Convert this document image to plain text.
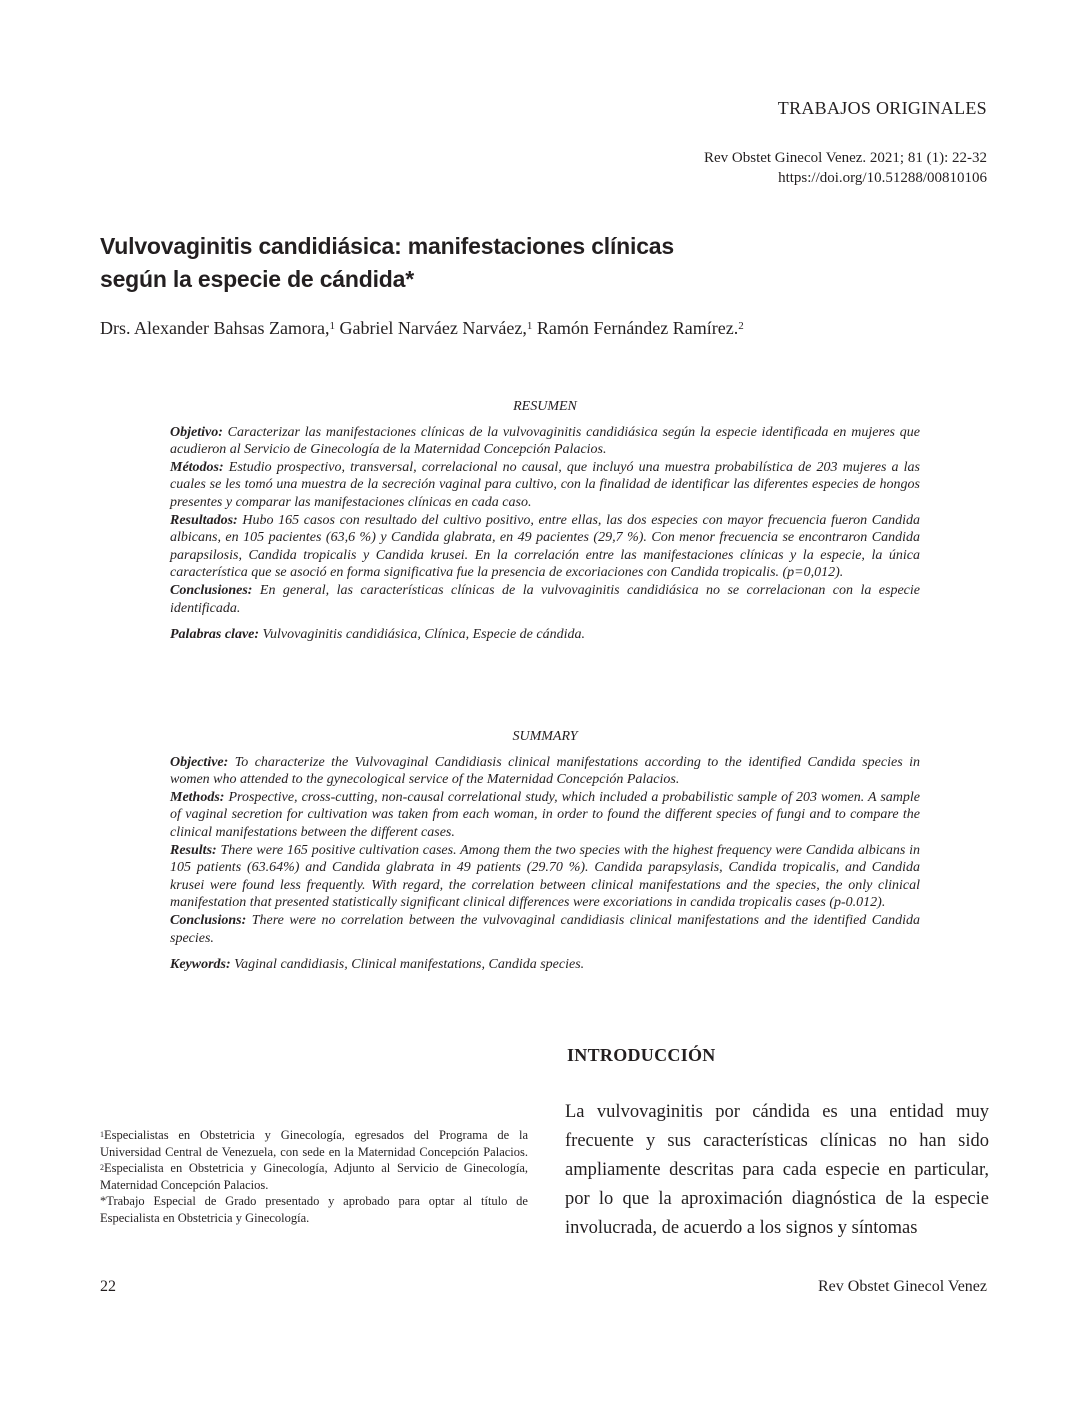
TRABAJOS ORIGINALES
Rev Obstet Ginecol Venez. 2021; 81 (1): 22-32
https://doi.org/10.51288/00810106
Vulvovaginitis candidiásica: manifestaciones clínicas
según la especie de cándida*
Drs. Alexander Bahsas Zamora,$^1$ Gabriel Narváez Narváez,$^1$ Ramón Fernández Ramírez.$^2$
RESUMEN

Objetivo: Caracterizar las manifestaciones clínicas de la vulvovaginitis candidiásica según la especie identificada en mujeres que acudieron al Servicio de Ginecología de la Maternidad Concepción Palacios.

Métodos: Estudio prospectivo, transversal, correlacional no causal, que incluyó una muestra probabilística de 203 mujeres a las cuales se les tomó una muestra de la secreción vaginal para cultivo, con la finalidad de identificar las diferentes especies de hongos presentes y comparar las manifestaciones clínicas en cada caso.

Resultados: Hubo 165 casos con resultado del cultivo positivo, entre ellas, las dos especies con mayor frecuencia fueron Candida albicans, en 105 pacientes (63,6 %) y Candida glabrata, en 49 pacientes (29,7 %). Con menor frecuencia se encontraron Candida parapsilosis, Candida tropicalis y Candida krusei. En la correlación entre las manifestaciones clínicas y la especie, la única característica que se asoció en forma significativa fue la presencia de excoriaciones con Candida tropicalis. (p=0,012).

Conclusiones: En general, las características clínicas de la vulvovaginitis candidiásica no se correlacionan con la especie identificada.

Palabras clave: Vulvovaginitis candidiásica, Clínica, Especie de cándida.

SUMMARY

Objective: To characterize the Vulvovaginal Candidiasis clinical manifestations according to the identified Candida species in women who attended to the gynecological service of the Maternidad Concepción Palacios.

Methods: Prospective, cross-cutting, non-causal correlational study, which included a probabilistic sample of 203 women. A sample of vaginal secretion for cultivation was taken from each woman, in order to found the different species of fungi and to compare the clinical manifestations between the different cases.

Results: There were 165 positive cultivation cases. Among them the two species with the highest frequency were Candida albicans in 105 patients (63.64%) and Candida glabrata in 49 patients (29.70 %). Candida parapsylasis, Candida tropicalis, and Candida krusei were found less frequently. With regard, the correlation between clinical manifestations and the species, the only clinical manifestation that presented statistically significant clinical differences were excoriations in candida tropicalis cases (p-0.012).

Conclusions: There were no correlation between the vulvovaginal candidiasis clinical manifestations and the identified Candida species.

Keywords: Vaginal candidiasis, Clinical manifestations, Candida species.

INTRODUCCIÓN

La vulvovaginitis por cándida es una entidad muy frecuente y sus características clínicas no han sido ampliamente descritas para cada especie en particular, por lo que la aproximación diagnóstica de la especie involucrada, de acuerdo a los signos y síntomas

$^1$Especialistas en Obstetricia y Ginecología, egresados del Programa de la Universidad Central de Venezuela, con sede en la Maternidad Concepción Palacios. $^2$Especialista en Obstetricia y Ginecología, Adjunto al Servicio de Ginecología, Maternidad Concepción Palacios.

*Trabajo Especial de Grado presentado y aprobado para optar al título de Especialista en Obstetricia y Ginecología.

22	Rev Obstet Ginecol Venez
